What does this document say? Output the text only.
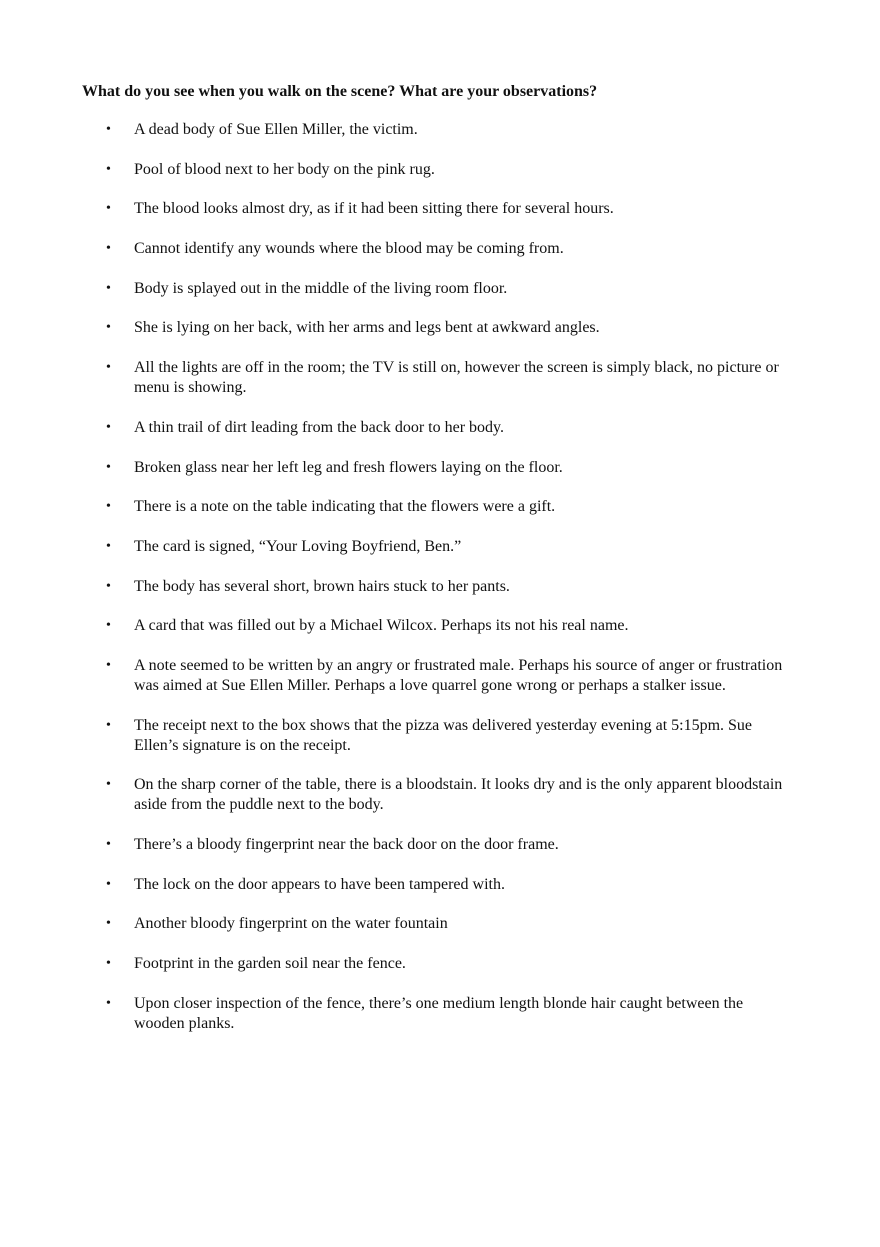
What do you see when you walk on the scene? What are your observations?
• A dead body of Sue Ellen Miller, the victim.
• Pool of blood next to her body on the pink rug.
• The blood looks almost dry, as if it had been sitting there for several hours.
• Cannot identify any wounds where the blood may be coming from.
• Body is splayed out in the middle of the living room floor.
• She is lying on her back, with her arms and legs bent at awkward angles.
• All the lights are off in the room; the TV is still on, however the screen is simply black, no picture or menu is showing.
• A thin trail of dirt leading from the back door to her body.
• Broken glass near her left leg and fresh flowers laying on the floor.
• There is a note on the table indicating that the flowers were a gift.
• The card is signed, “Your Loving Boyfriend, Ben.”
• The body has several short, brown hairs stuck to her pants.
• A card that was filled out by a Michael Wilcox. Perhaps its not his real name.
• A note seemed to be written by an angry or frustrated male. Perhaps his source of anger or frustration was aimed at Sue Ellen Miller. Perhaps a love quarrel gone wrong or perhaps a stalker issue.
• The receipt next to the box shows that the pizza was delivered yesterday evening at 5:15pm. Sue Ellen’s signature is on the receipt.
• On the sharp corner of the table, there is a bloodstain. It looks dry and is the only apparent bloodstain aside from the puddle next to the body.
• There’s a bloody fingerprint near the back door on the door frame.
• The lock on the door appears to have been tampered with.
• Another bloody fingerprint on the water fountain
• Footprint in the garden soil near the fence.
• Upon closer inspection of the fence, there’s one medium length blonde hair caught between the wooden planks.
